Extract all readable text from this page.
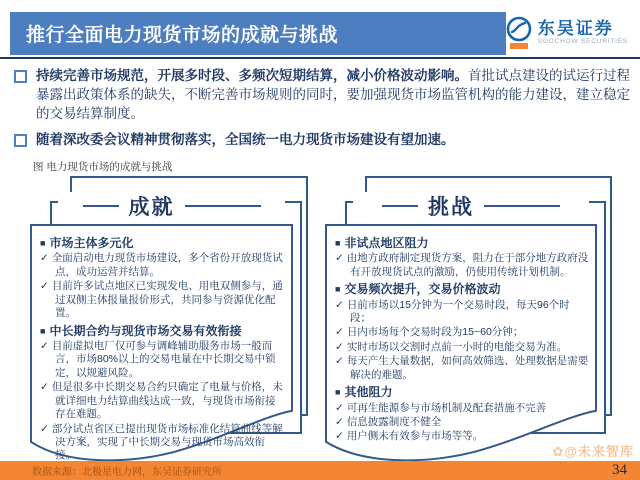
推行全面电力现货市场的成就与挑战	东吴证券
SOOCHOW SECURITIES
持续完善市场规范，开展多时段、多频次短期结算，减小价格波动影响。首批试点建设的试运行过程暴露出政策体系的缺失，不断完善市场规则的同时，要加强现货市场监管机构的能力建设，建立稳定的交易结算制度。
随着深改委会议精神贯彻落实，全国统一电力现货市场建设有望加速。
图 电力现货市场的成就与挑战
■ 市场主体多元化
✓ 全面启动电力现货市场建设，多个省份开放现货试点，成功运营并结算。
✓ 目前许多试点地区已实现发电、用电双侧参与，通过双侧主体报量报价形式，共同参与资源优化配置。
■ 中长期合约与现货市场交易有效衔接
✓ 目前虚拟电厂仅可参与调峰辅助服务市场一般而言，市场80%以上的交易电量在中长期交易中锁定，以规避风险。
✓ 但是很多中长期交易合约只确定了电量与价格，未就详细电力结算曲线达成一致，与现货市场衔接存在难题。
✓ 部分试点省区已提出现货市场标准化结算曲线等解决方案，实现了中长期交易与现货市场高效衔接。
成就
■ 非试点地区阻力
✓ 由地方政府制定现货方案，阻力在于部分地方政府没有开放现货试点的激励，仍使用传统计划机制。
■ 交易频次提升，交易价格波动
✓ 日前市场以15分钟为一个交易时段，每天96个时段；
✓ 日内市场每个交易时段为15~60分钟；
✓ 实时市场以交割时点前一小时的电能交易为准。
✓ 每天产生大量数据，如何高效筛选、处理数据是需要解决的难题。
■ 其他阻力
✓ 可再生能源参与市场机制及配套措施不完善
✓ 信息披露制度不健全
✓ 用户侧未有效参与市场等等。
挑战
✿@未来智库
数据来源：北极星电力网，东吴证券研究所	34
